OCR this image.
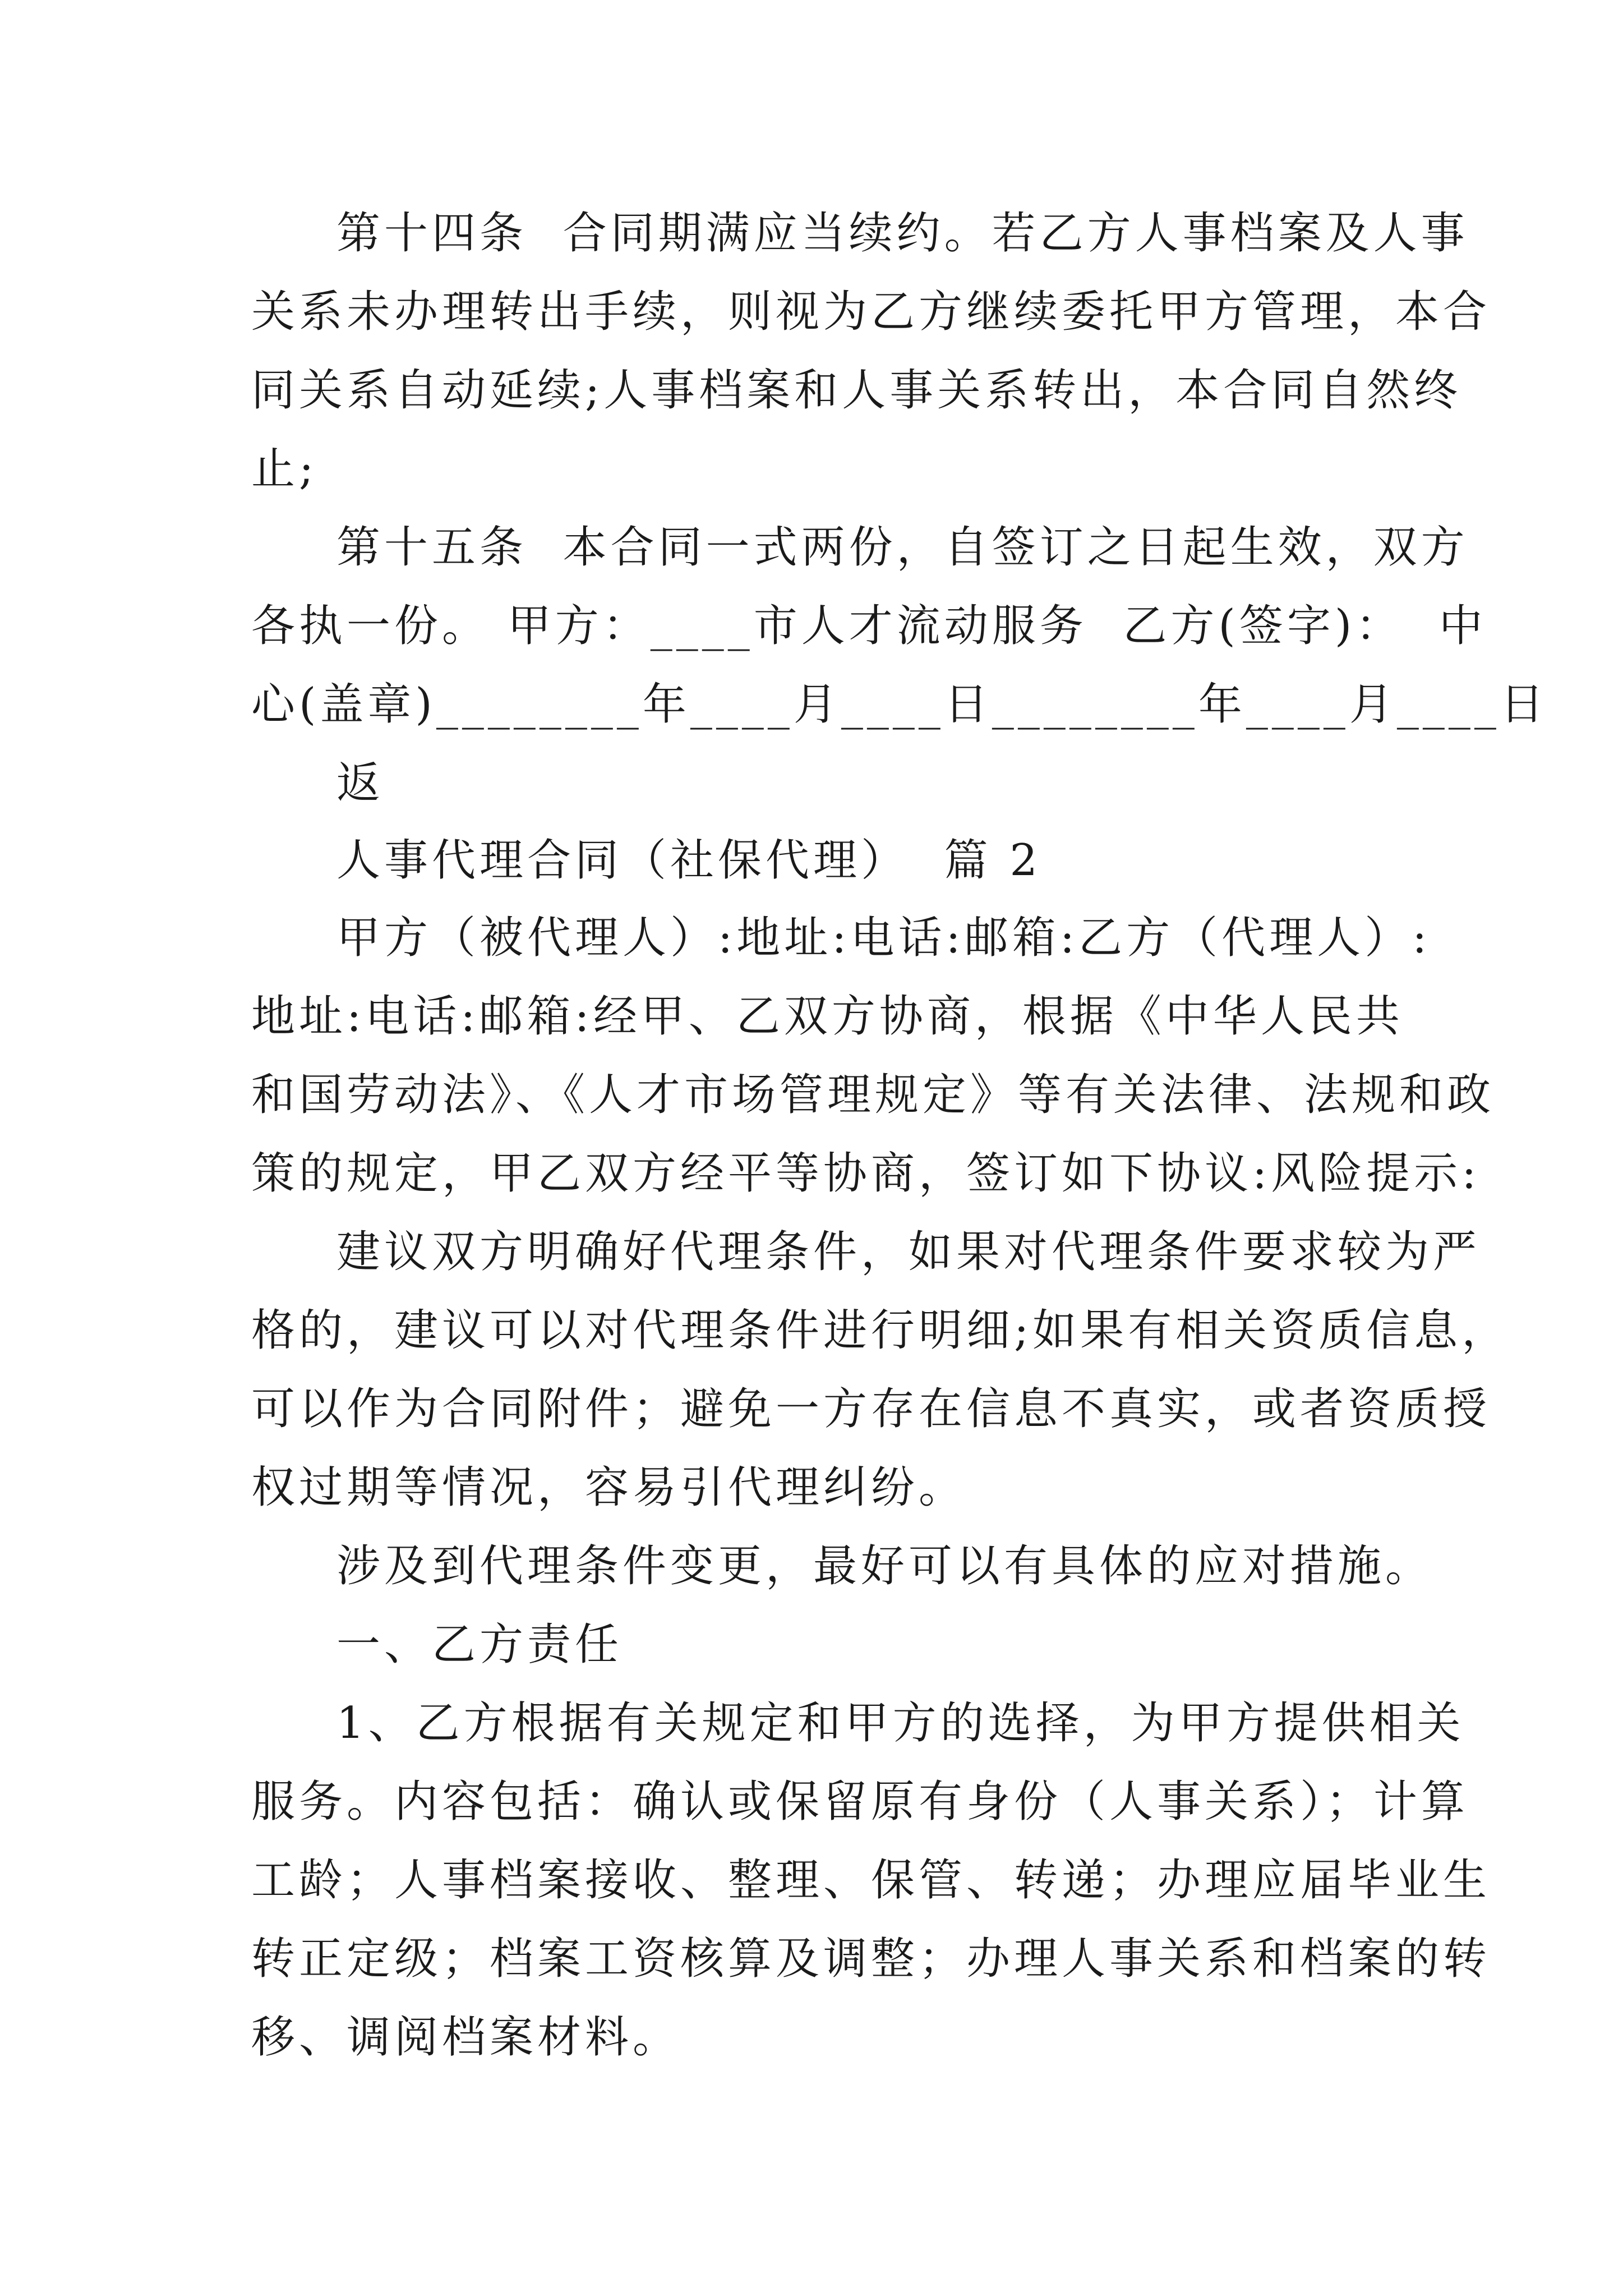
第十四条  合同期满应当续约。若乙方人事档案及人事
关系未办理转出手续，则视为乙方继续委托甲方管理，本合
同关系自动延续;人事档案和人事关系转出，本合同自然终
止;
第十五条  本合同一式两份，自签订之日起生效，双方
各执一份。 甲方：____市人才流动服务  乙方(签字)：  中
心(盖章)________年____月____日________年____月____日
返
人事代理合同（社保代理）  篇 2
甲方（被代理人）:地址:电话:邮箱:乙方（代理人）:
地址:电话:邮箱:经甲、乙双方协商，根据《中华人民共
和国劳动法》、《人才市场管理规定》等有关法律、法规和政
策的规定，甲乙双方经平等协商，签订如下协议:风险提示:
建议双方明确好代理条件，如果对代理条件要求较为严
格的，建议可以对代理条件进行明细;如果有相关资质信息，
可以作为合同附件；避免一方存在信息不真实，或者资质授
权过期等情况，容易引代理纠纷。
涉及到代理条件变更，最好可以有具体的应对措施。
一、乙方责任
1、乙方根据有关规定和甲方的选择，为甲方提供相关
服务。内容包括：确认或保留原有身份（人事关系）；计算
工龄；人事档案接收、整理、保管、转递；办理应届毕业生
转正定级；档案工资核算及调整；办理人事关系和档案的转
移、调阅档案材料。
